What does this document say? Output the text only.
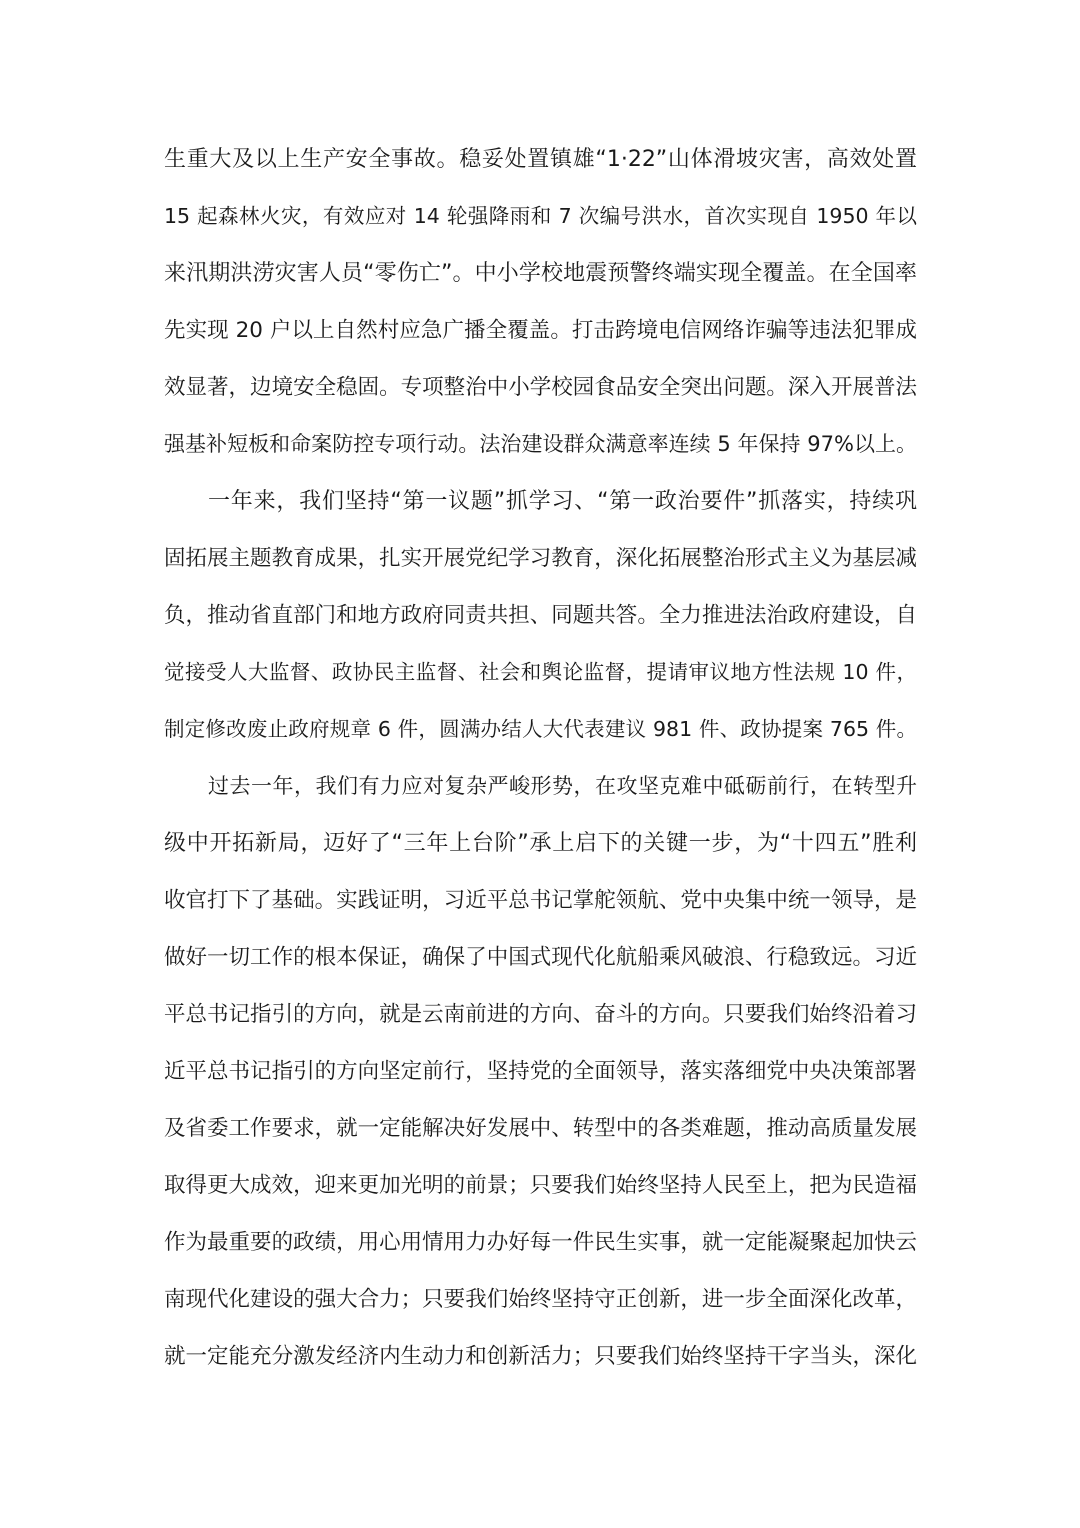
生重大及以上生产安全事故。稳妥处置镇雄“1·22”山体滑坡灾害，高效处置
15 起森林火灾，有效应对 14 轮强降雨和 7 次编号洪水，首次实现自 1950 年以
来汛期洪涝灾害人员“零伤亡”。中小学校地震预警终端实现全覆盖。在全国率
先实现 20 户以上自然村应急广播全覆盖。打击跨境电信网络诈骗等违法犯罪成
效显著，边境安全稳固。专项整治中小学校园食品安全突出问题。深入开展普法
强基补短板和命案防控专项行动。法治建设群众满意率连续 5 年保持 97%以上。
一年来，我们坚持“第一议题”抓学习、“第一政治要件”抓落实，持续巩
固拓展主题教育成果，扎实开展党纪学习教育，深化拓展整治形式主义为基层减
负，推动省直部门和地方政府同责共担、同题共答。全力推进法治政府建设，自
觉接受人大监督、政协民主监督、社会和舆论监督，提请审议地方性法规 10 件，
制定修改废止政府规章 6 件，圆满办结人大代表建议 981 件、政协提案 765 件。
过去一年，我们有力应对复杂严峻形势，在攻坚克难中砥砺前行，在转型升
级中开拓新局，迈好了“三年上台阶”承上启下的关键一步，为“十四五”胜利
收官打下了基础。实践证明，习近平总书记掌舵领航、党中央集中统一领导，是
做好一切工作的根本保证，确保了中国式现代化航船乘风破浪、行稳致远。习近
平总书记指引的方向，就是云南前进的方向、奋斗的方向。只要我们始终沿着习
近平总书记指引的方向坚定前行，坚持党的全面领导，落实落细党中央决策部署
及省委工作要求，就一定能解决好发展中、转型中的各类难题，推动高质量发展
取得更大成效，迎来更加光明的前景；只要我们始终坚持人民至上，把为民造福
作为最重要的政绩，用心用情用力办好每一件民生实事，就一定能凝聚起加快云
南现代化建设的强大合力；只要我们始终坚持守正创新，进一步全面深化改革，
就一定能充分激发经济内生动力和创新活力；只要我们始终坚持干字当头，深化
